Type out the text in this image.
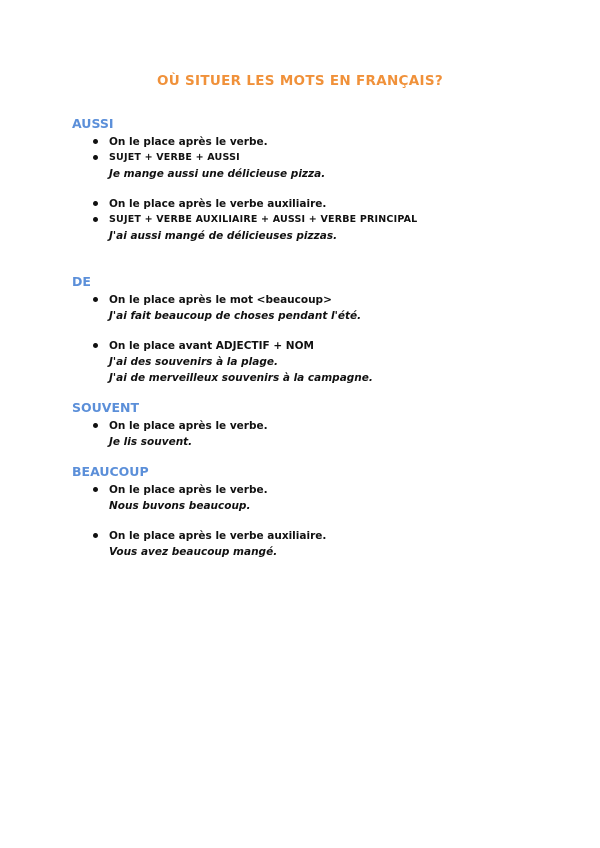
OÙ SITUER LES MOTS EN FRANÇAIS?
AUSSI
On le place après le verbe.
SUJET + VERBE + AUSSI
Je mange aussi une délicieuse pizza.
On le place après le verbe auxiliaire.
SUJET + VERBE AUXILIAIRE + AUSSI + VERBE PRINCIPAL
J'ai aussi mangé de délicieuses pizzas.
DE
On le place après le mot <beaucoup>
J'ai fait beaucoup de choses pendant l'été.
On le place avant ADJECTIF + NOM
J'ai des souvenirs à la plage.
J'ai de merveilleux souvenirs à la campagne.
SOUVENT
On le place après le verbe.
Je lis souvent.
BEAUCOUP
On le place après le verbe.
Nous buvons beaucoup.
On le place après le verbe auxiliaire.
Vous avez beaucoup mangé.
